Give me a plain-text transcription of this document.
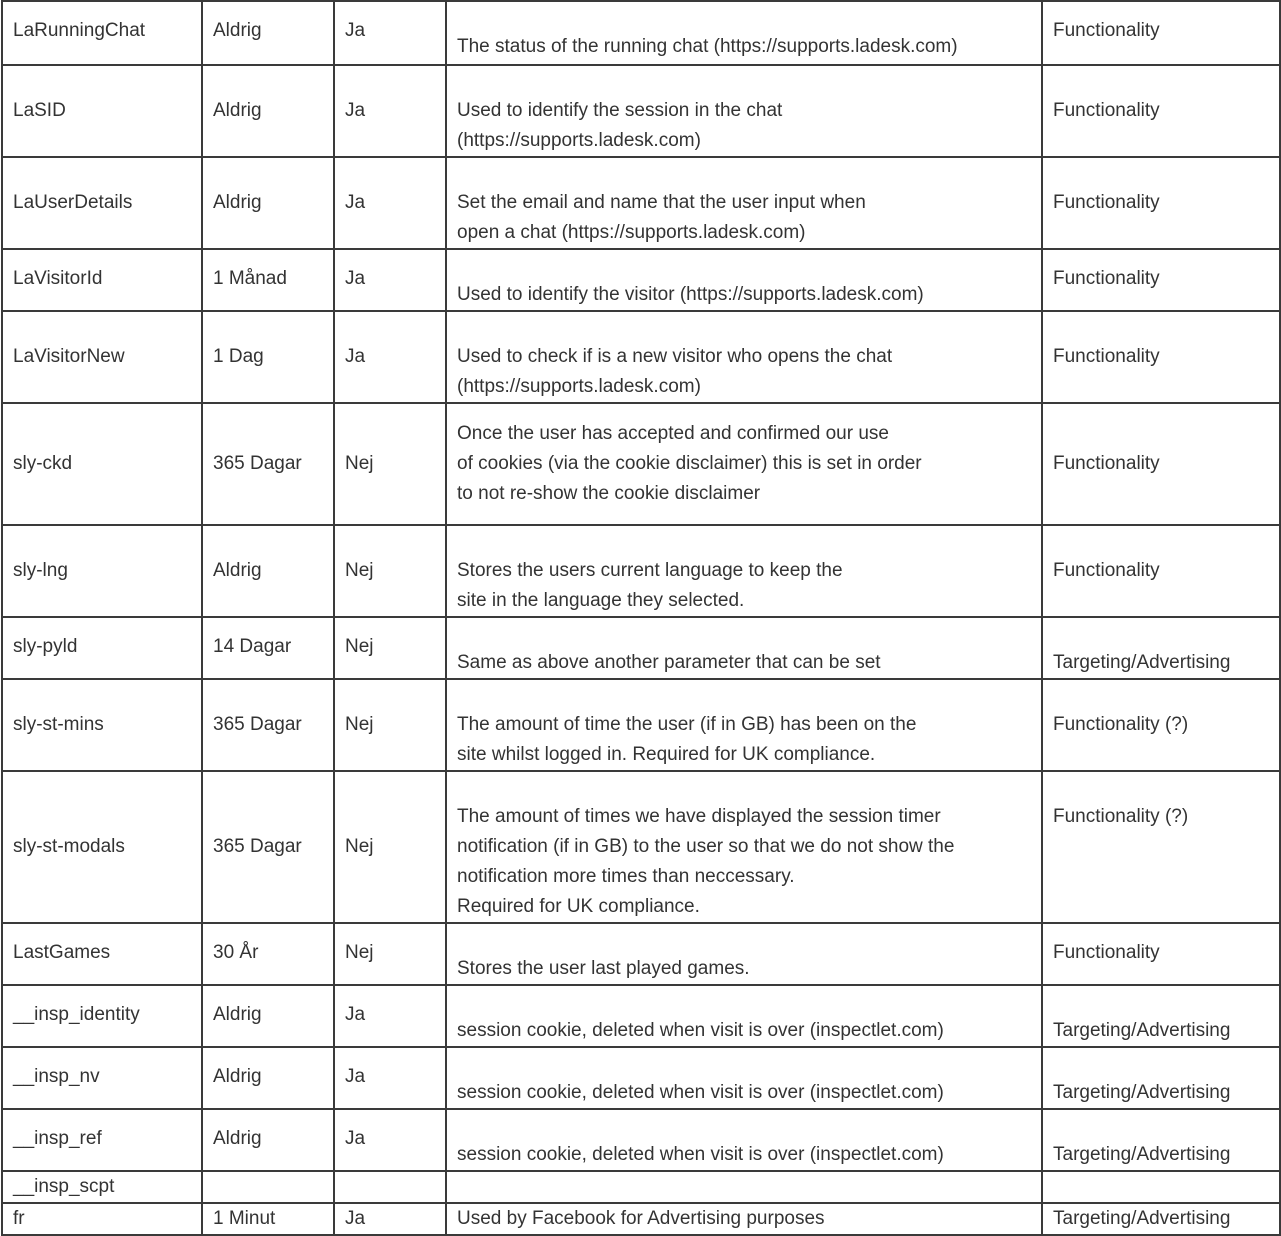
LaRunningChat	Aldrig	Ja	The status of the running chat (https://supports.ladesk.com)	Functionality

LaSID	Aldrig	Ja	Used to identify the session in the chat
(https://supports.ladesk.com)	Functionality

LaUserDetails	Aldrig	Ja	Set the email and name that the user input when
open a chat (https://supports.ladesk.com)	Functionality

LaVisitorId	1 Månad	Ja	Used to identify the visitor (https://supports.ladesk.com)	Functionality

LaVisitorNew	1 Dag	Ja	Used to check if is a new visitor who opens the chat
(https://supports.ladesk.com)	Functionality

sly-ckd	365 Dagar	Nej	Once the user has accepted and confirmed our use
of cookies (via the cookie disclaimer) this is set in order
to not re-show the cookie disclaimer	Functionality

sly-lng	Aldrig	Nej	Stores the users current language to keep the
site in the language they selected.	Functionality

sly-pyld	14 Dagar	Nej	Same as above another parameter that can be set	Targeting/Advertising

sly-st-mins	365 Dagar	Nej	The amount of time the user (if in GB) has been on the
site whilst logged in. Required for UK compliance.	Functionality (?)

sly-st-modals	365 Dagar	Nej	The amount of times we have displayed the session timer
notification (if in GB) to the user so that we do not show the
notification more times than neccessary.
Required for UK compliance.	Functionality (?)

LastGames	30 År	Nej	Stores the user last played games.	Functionality

__insp_identity	Aldrig	Ja	session cookie, deleted when visit is over (inspectlet.com)	Targeting/Advertising

__insp_nv	Aldrig	Ja	session cookie, deleted when visit is over (inspectlet.com)	Targeting/Advertising

__insp_ref	Aldrig	Ja	session cookie, deleted when visit is over (inspectlet.com)	Targeting/Advertising

__insp_scpt				

fr	1 Minut	Ja	Used by Facebook for Advertising purposes	Targeting/Advertising
